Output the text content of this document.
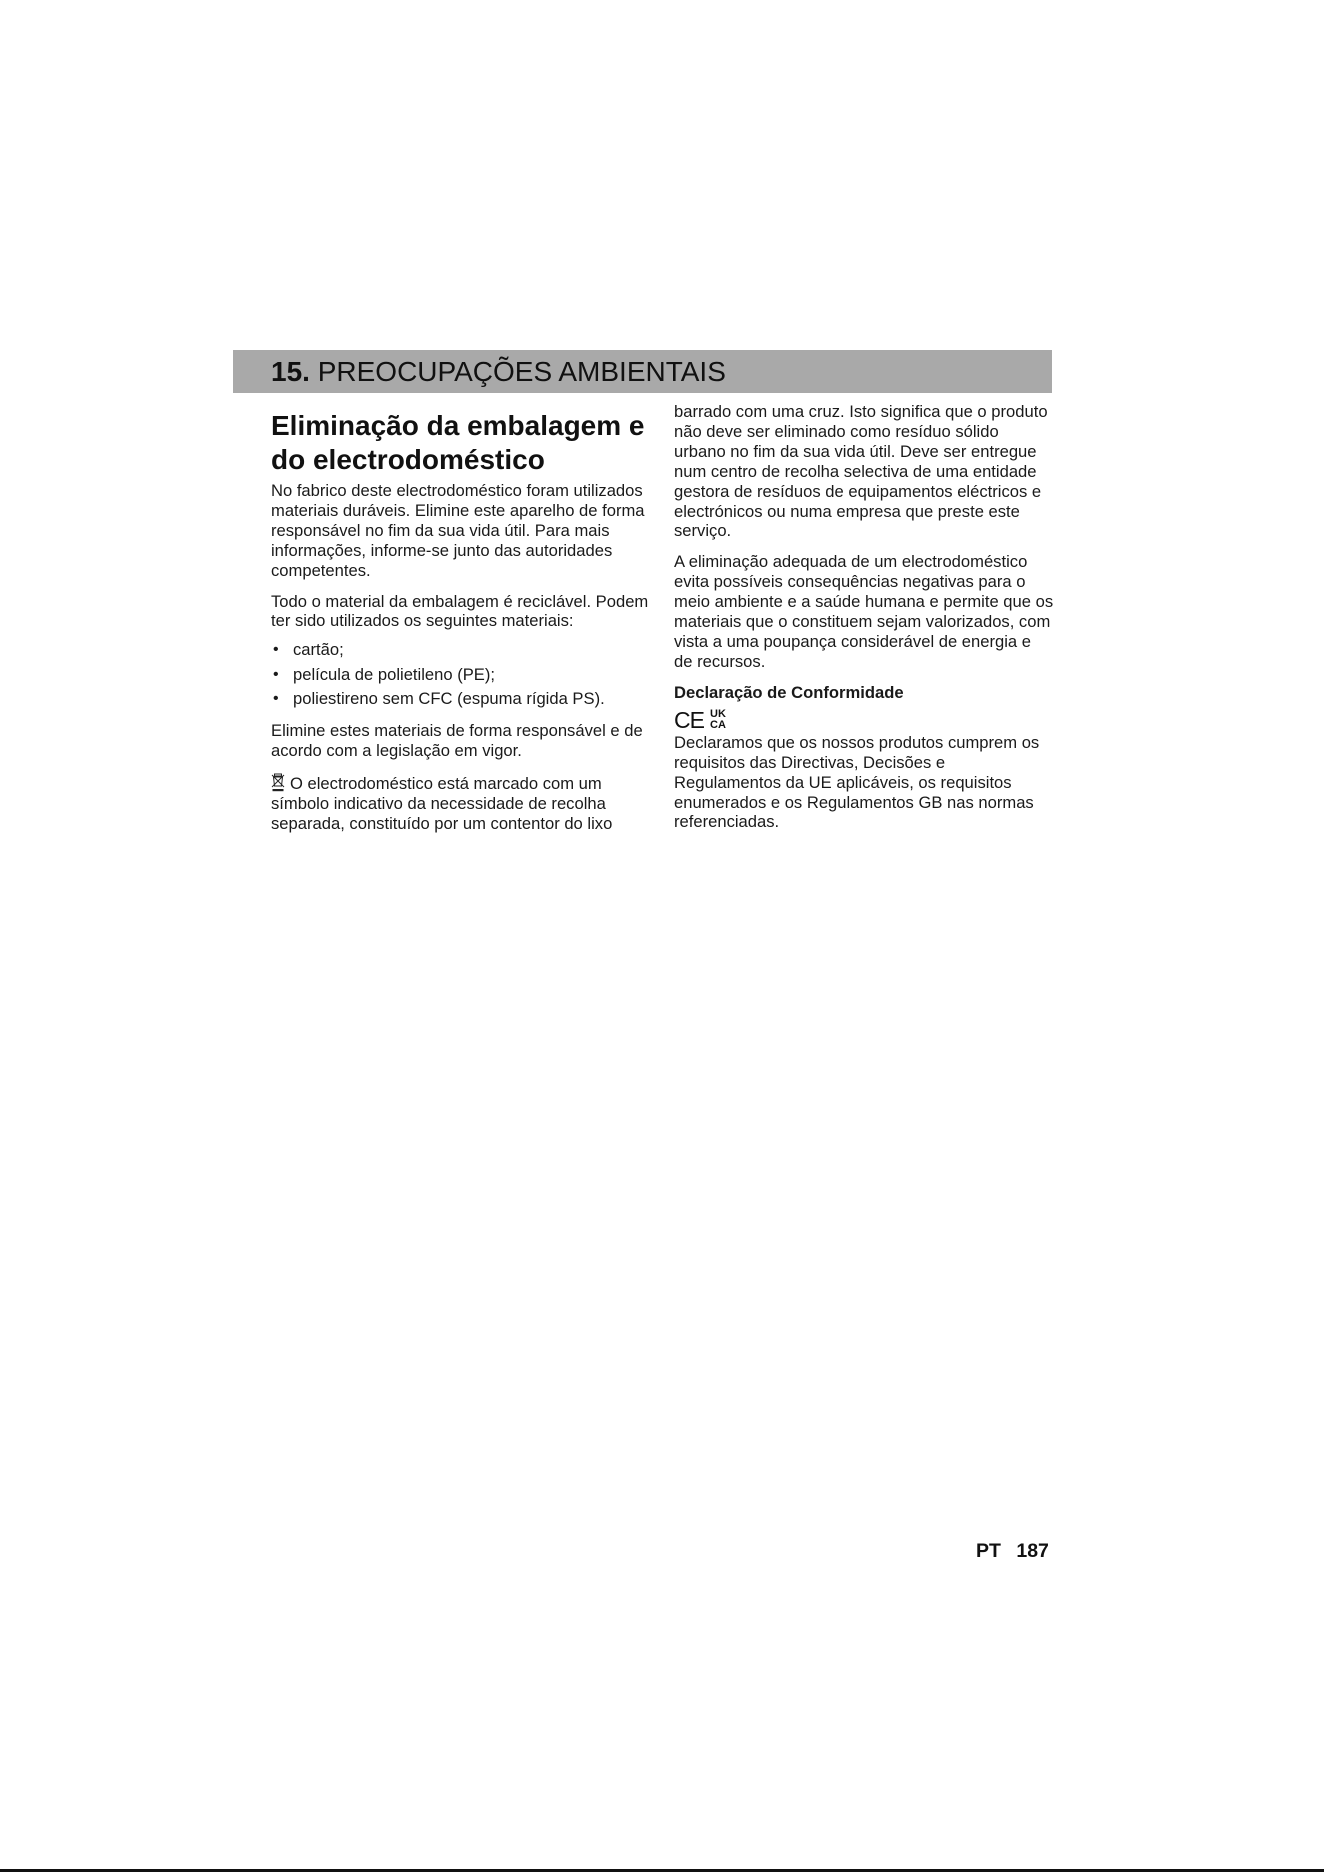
15. PREOCUPAÇÕES AMBIENTAIS
Eliminação da embalagem e do electrodoméstico

No fabrico deste electrodoméstico foram utilizados materiais duráveis. Elimine este aparelho de forma responsável no fim da sua vida útil. Para mais informações, informe-se junto das autoridades competentes.

Todo o material da embalagem é reciclável. Podem ter sido utilizados os seguintes materiais:

• cartão;
• película de polietileno (PE);
• poliestireno sem CFC (espuma rígida PS).

Elimine estes materiais de forma responsável e de acordo com a legislação em vigor.

O electrodoméstico está marcado com um símbolo indicativo da necessidade de recolha separada, constituído por um contentor do lixo

barrado com uma cruz. Isto significa que o produto não deve ser eliminado como resíduo sólido urbano no fim da sua vida útil. Deve ser entregue num centro de recolha selectiva de uma entidade gestora de resíduos de equipamentos eléctricos e electrónicos ou numa empresa que preste este serviço.

A eliminação adequada de um electrodoméstico evita possíveis consequências negativas para o meio ambiente e a saúde humana e permite que os materiais que o constituem sejam valorizados, com vista a uma poupança considerável de energia e de recursos.

Declaração de Conformidade
CE UK
CA

Declaramos que os nossos produtos cumprem os requisitos das Directivas, Decisões e Regulamentos da UE aplicáveis, os requisitos enumerados e os Regulamentos GB nas normas referenciadas.

PT 187
